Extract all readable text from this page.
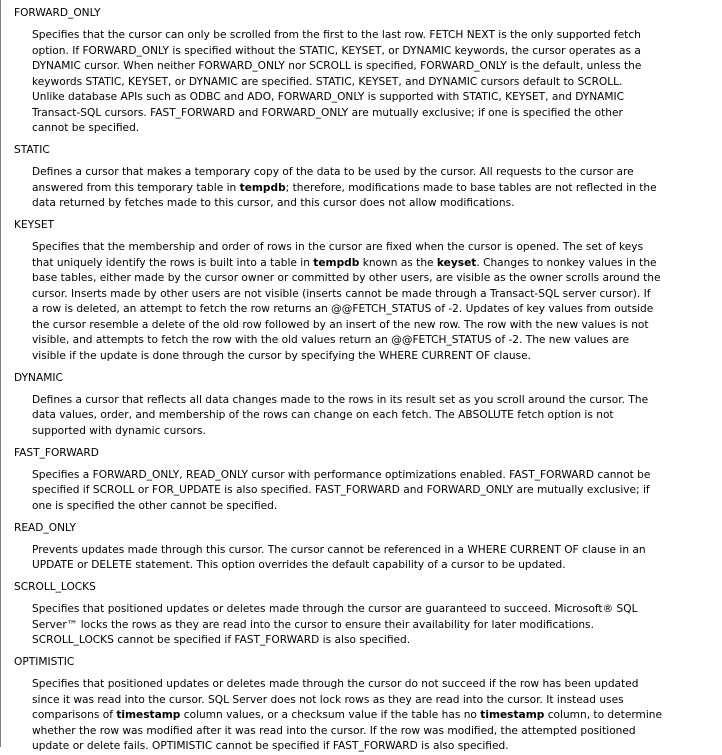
FORWARD_ONLY
Specifies that the cursor can only be scrolled from the first to the last row. FETCH NEXT is the only supported fetch
option. If FORWARD_ONLY is specified without the STATIC, KEYSET, or DYNAMIC keywords, the cursor operates as a
DYNAMIC cursor. When neither FORWARD_ONLY nor SCROLL is specified, FORWARD_ONLY is the default, unless the
keywords STATIC, KEYSET, or DYNAMIC are specified. STATIC, KEYSET, and DYNAMIC cursors default to SCROLL.
Unlike database APIs such as ODBC and ADO, FORWARD_ONLY is supported with STATIC, KEYSET, and DYNAMIC
Transact-SQL cursors. FAST_FORWARD and FORWARD_ONLY are mutually exclusive; if one is specified the other
cannot be specified.
STATIC
Defines a cursor that makes a temporary copy of the data to be used by the cursor. All requests to the cursor are
answered from this temporary table in tempdb; therefore, modifications made to base tables are not reflected in the
data returned by fetches made to this cursor, and this cursor does not allow modifications.
KEYSET
Specifies that the membership and order of rows in the cursor are fixed when the cursor is opened. The set of keys
that uniquely identify the rows is built into a table in tempdb known as the keyset. Changes to nonkey values in the
base tables, either made by the cursor owner or committed by other users, are visible as the owner scrolls around the
cursor. Inserts made by other users are not visible (inserts cannot be made through a Transact-SQL server cursor). If
a row is deleted, an attempt to fetch the row returns an @@FETCH_STATUS of -2. Updates of key values from outside
the cursor resemble a delete of the old row followed by an insert of the new row. The row with the new values is not
visible, and attempts to fetch the row with the old values return an @@FETCH_STATUS of -2. The new values are
visible if the update is done through the cursor by specifying the WHERE CURRENT OF clause.
DYNAMIC
Defines a cursor that reflects all data changes made to the rows in its result set as you scroll around the cursor. The
data values, order, and membership of the rows can change on each fetch. The ABSOLUTE fetch option is not
supported with dynamic cursors.
FAST_FORWARD
Specifies a FORWARD_ONLY, READ_ONLY cursor with performance optimizations enabled. FAST_FORWARD cannot be
specified if SCROLL or FOR_UPDATE is also specified. FAST_FORWARD and FORWARD_ONLY are mutually exclusive; if
one is specified the other cannot be specified.
READ_ONLY
Prevents updates made through this cursor. The cursor cannot be referenced in a WHERE CURRENT OF clause in an
UPDATE or DELETE statement. This option overrides the default capability of a cursor to be updated.
SCROLL_LOCKS
Specifies that positioned updates or deletes made through the cursor are guaranteed to succeed. Microsoft® SQL
Server™ locks the rows as they are read into the cursor to ensure their availability for later modifications.
SCROLL_LOCKS cannot be specified if FAST_FORWARD is also specified.
OPTIMISTIC
Specifies that positioned updates or deletes made through the cursor do not succeed if the row has been updated
since it was read into the cursor. SQL Server does not lock rows as they are read into the cursor. It instead uses
comparisons of timestamp column values, or a checksum value if the table has no timestamp column, to determine
whether the row was modified after it was read into the cursor. If the row was modified, the attempted positioned
update or delete fails. OPTIMISTIC cannot be specified if FAST_FORWARD is also specified.
